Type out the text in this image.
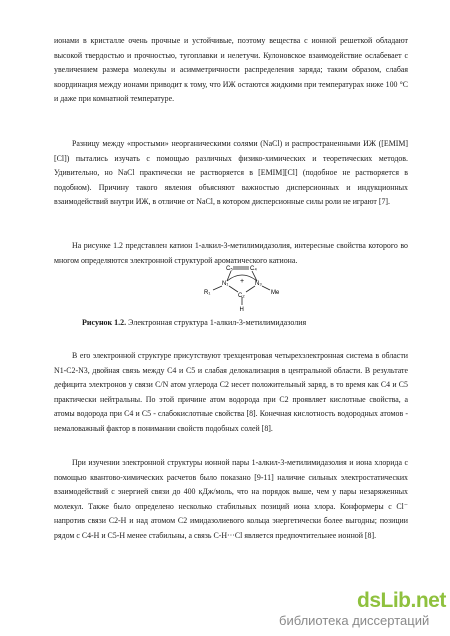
ионами в кристалле очень прочные и устойчивые, поэтому вещества с ионной решеткой обладают высокой твердостью и прочностью, тугоплавки и нелетучи. Кулоновское взаимодействие ослабевает с увеличением размера молекулы и асимметричности распределения заряда; таким образом, слабая координация между ионами приводит к тому, что ИЖ остаются жидкими при температурах ниже 100 °С и даже при комнатной температуре.
Разницу между «простыми» неорганическими солями (NaCl) и распространенными ИЖ ([EMIM][Cl]) пытались изучать с помощью различных физико-химических и теоретических методов. Удивительно, но NaCl практически не растворяется в [EMIM][Cl] (подобное не растворяется в подобном). Причину такого явления объясняют важностью дисперсионных и индукционных взаимодействий внутри ИЖ, в отличие от NaCl, в котором дисперсионные силы роли не играют [7].
На рисунке 1.2 представлен катион 1-алкил-3-метилимидазолия, интересные свойства которого во многом определяются электронной структурой ароматического катиона.
C₅	C₄
N₁	N₃
C₂
H
R₁	Me
+
Рисунок 1.2. Электронная структура 1-алкил-3-метилимидазолия
В его электронной структуре присутствуют трехцентровая четырехэлектронная система в области N1-C2-N3, двойная связь между C4 и C5 и слабая делокализация в центральной области. В результате дефицита электронов у связи C/N атом углерода C2 несет положительный заряд, в то время как C4 и C5 практически нейтральны. По этой причине атом водорода при C2 проявляет кислотные свойства, а атомы водорода при C4 и C5 - слабокислотные свойства [8]. Конечная кислотность водородных атомов - немаловажный фактор в понимании свойств подобных солей [8].
При изучении электронной структуры ионной пары 1-алкил-3-метилимидазолия и иона хлорида с помощью квантово-химических расчетов было показано [9-11] наличие сильных электростатических взаимодействий с энергией связи до 400 кДж/моль, что на порядок выше, чем у пары незаряженных молекул. Также было определено несколько стабильных позиций иона хлора. Конформеры с Cl⁻ напротив связи C2-H и над атомом C2 имидазолиевого кольца энергетически более выгодны; позиции рядом с C4-H и C5-H менее стабильны, а связь C-H···Cl является предпочтительнее ионной [8].
dsLib.net
библиотека диссертаций
